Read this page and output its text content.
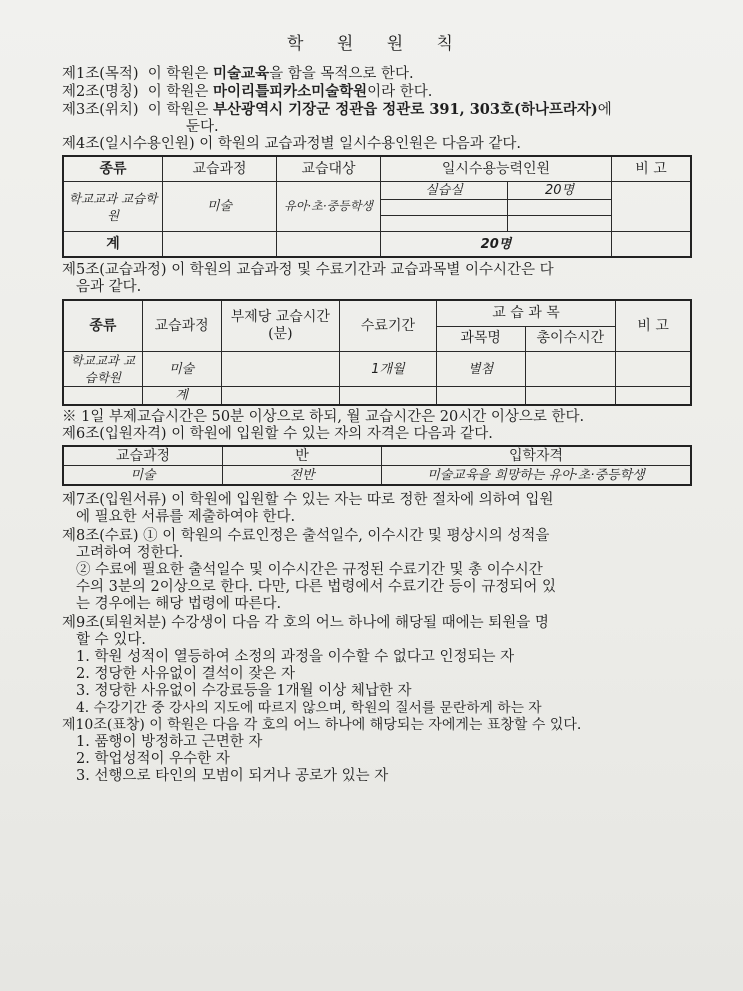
학 원 원 칙
제1조(목적) 이 학원은 미술교육을 함을 목적으로 한다.
제2조(명칭) 이 학원은 마이리틀피카소미술학원이라 한다.
제3조(위치) 이 학원은 부산광역시 기장군 정관읍 정관로 391, 303호(하나프라자)에
둔다.
제4조(일시수용인원) 이 학원의 교습과정별 일시수용인원은 다음과 같다.
종류	교습과정	교습대상	일시수용능력인원		비 고
학교교과 교습학원	미술	유아·초·중등학생	실습실	20명	

계			20명		
제5조(교습과정) 이 학원의 교습과정 및 수료기간과 교습과목별 이수시간은 다
음과 같다.
종류	교습과정	부제당 교습시간(분)	수료기간	교 습 과 목		비 고
				과목명	총이수시간	
학교교과 교습학원	미술		1개월	별첨		
	계					
※ 1일 부제교습시간은 50분 이상으로 하되, 월 교습시간은 20시간 이상으로 한다.
제6조(입원자격) 이 학원에 입원할 수 있는 자의 자격은 다음과 같다.
교습과정	반	입학자격
미술	전반	미술교육을 희망하는 유아·초·중등학생
제7조(입원서류) 이 학원에 입원할 수 있는 자는 따로 정한 절차에 의하여 입원
에 필요한 서류를 제출하여야 한다.
제8조(수료) ① 이 학원의 수료인정은 출석일수, 이수시간 및 평상시의 성적을
고려하여 정한다.
② 수료에 필요한 출석일수 및 이수시간은 규정된 수료기간 및 총 이수시간
수의 3분의 2이상으로 한다. 다만, 다른 법령에서 수료기간 등이 규정되어 있
는 경우에는 해당 법령에 따른다.
제9조(퇴원처분) 수강생이 다음 각 호의 어느 하나에 해당될 때에는 퇴원을 명
할 수 있다.
1. 학원 성적이 열등하여 소정의 과정을 이수할 수 없다고 인정되는 자
2. 정당한 사유없이 결석이 잦은 자
3. 정당한 사유없이 수강료등을 1개월 이상 체납한 자
4. 수강기간 중 강사의 지도에 따르지 않으며, 학원의 질서를 문란하게 하는 자
제10조(표창) 이 학원은 다음 각 호의 어느 하나에 해당되는 자에게는 표창할 수 있다.
1. 품행이 방정하고 근면한 자
2. 학업성적이 우수한 자
3. 선행으로 타인의 모범이 되거나 공로가 있는 자
